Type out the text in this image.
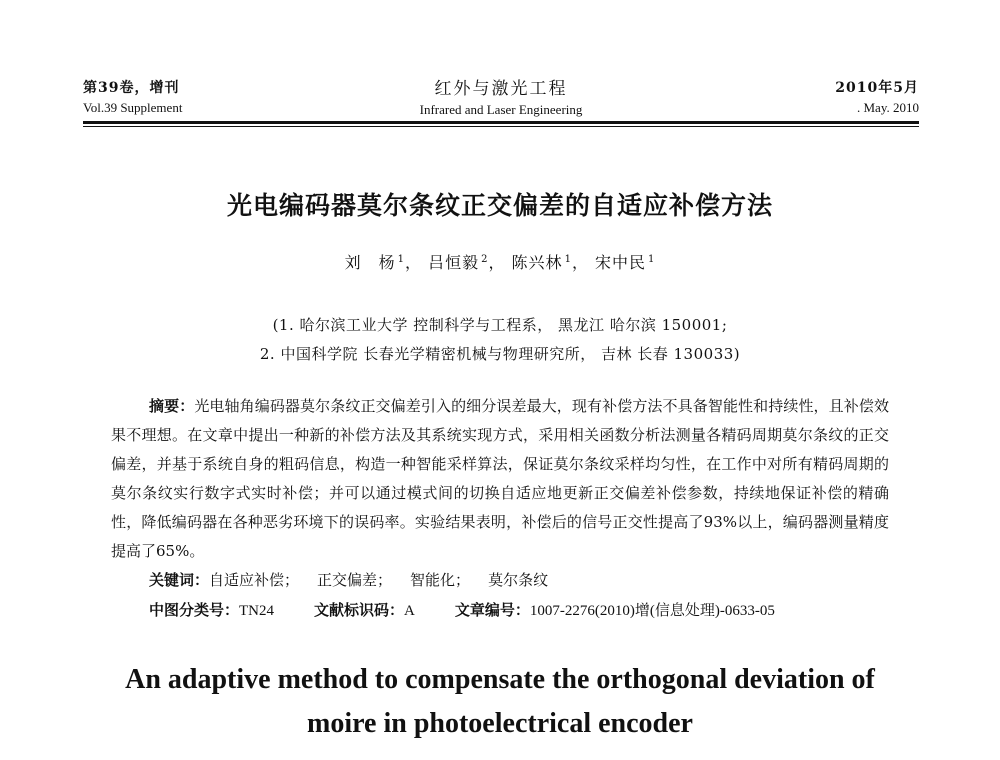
第39卷，增刊
Vol.39 Supplement
红外与激光工程
Infrared and Laser Engineering
2010年5月
. May. 2010
光电编码器莫尔条纹正交偏差的自适应补偿方法
刘　杨 $^1$， 吕恒毅 $^2$， 陈兴林 $^1$， 宋中民 $^1$
(1. 哈尔滨工业大学 控制科学与工程系， 黑龙江 哈尔滨 150001;
2. 中国科学院 长春光学精密机械与物理研究所， 吉林 长春 130033)
摘要：光电轴角编码器莫尔条纹正交偏差引入的细分误差最大，现有补偿方法不具备智能性和持续性，且补偿效果不理想。在文章中提出一种新的补偿方法及其系统实现方式，采用相关函数分析法测量各精码周期莫尔条纹的正交偏差，并基于系统自身的粗码信息，构造一种智能采样算法，保证莫尔条纹采样均匀性，在工作中对所有精码周期的莫尔条纹实行数字式实时补偿；并可以通过模式间的切换自适应地更新正交偏差补偿参数，持续地保证补偿的精确性，降低编码器在各种恶劣环境下的误码率。实验结果表明，补偿后的信号正交性提高了93%以上，编码器测量精度提高了65%。
关键词：自适应补偿； 正交偏差； 智能化； 莫尔条纹
中图分类号：TN24	文献标识码：A	文章编号：1007-2276(2010)增(信息处理)-0633-05
An adaptive method to compensate the orthogonal deviation of
moire in photoelectrical encoder
